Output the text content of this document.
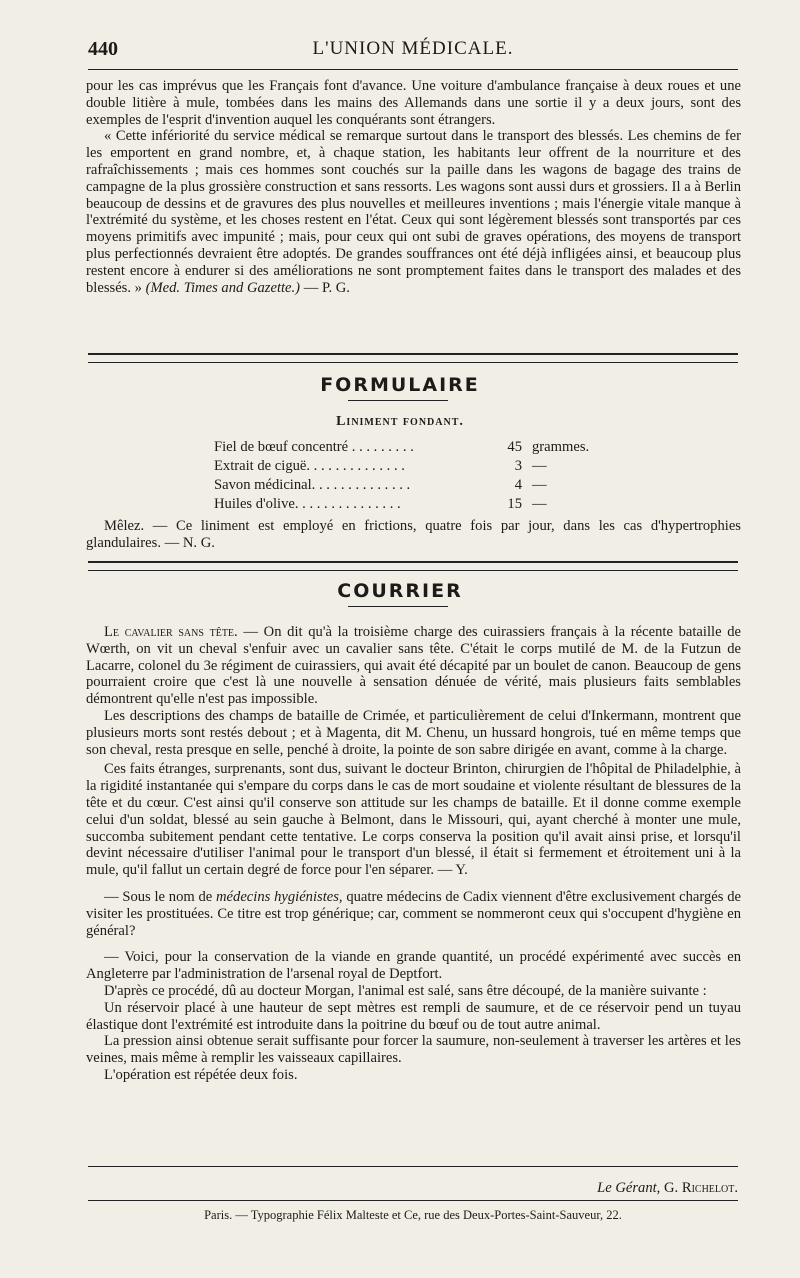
440	L'UNION MÉDICALE.

pour les cas imprévus que les Français font d'avance. Une voiture d'ambulance française à deux roues et une double litière à mule, tombées dans les mains des Allemands dans une sortie il y a deux jours, sont des exemples de l'esprit d'invention auquel les conquérants sont étrangers.

« Cette infériorité du service médical se remarque surtout dans le transport des blessés. Les chemins de fer les emportent en grand nombre, et, à chaque station, les habitants leur offrent de la nourriture et des rafraîchissements ; mais ces hommes sont couchés sur la paille dans les wagons de bagage des trains de campagne de la plus grossière construction et sans ressorts. Les wagons sont aussi durs et grossiers. Il a à Berlin beaucoup de dessins et de gravures des plus nouvelles et meilleures inventions ; mais l'énergie vitale manque à l'extrémité du système, et les choses restent en l'état. Ceux qui sont légèrement blessés sont transportés par ces moyens primitifs avec impunité ; mais, pour ceux qui ont subi de graves opérations, des moyens de transport plus perfectionnés devraient être adoptés. De grandes souffrances ont été déjà infligées ainsi, et beaucoup plus restent encore à endurer si des améliorations ne sont promptement faites dans le transport des malades et des blessés. » (Med. Times and Gazette.) — P. G.

FORMULAIRE
Liniment fondant.
Fiel de bœuf concentré . . . . . . . . .	45	grammes.
Extrait de ciguë. . . . . . . . . . . . . .	3	—
Savon médicinal. . . . . . . . . . . . . .	4	—
Huiles d'olive. . . . . . . . . . . . . . .	15	—

Mêlez. — Ce liniment est employé en frictions, quatre fois par jour, dans les cas d'hypertrophies glandulaires. — N. G.

COURRIER

Le cavalier sans tête. — On dit qu'à la troisième charge des cuirassiers français à la récente bataille de Wœrth, on vit un cheval s'enfuir avec un cavalier sans tête. C'était le corps mutilé de M. de la Futzun de Lacarre, colonel du 3e régiment de cuirassiers, qui avait été décapité par un boulet de canon. Beaucoup de gens pourraient croire que c'est là une nouvelle à sensation dénuée de vérité, mais plusieurs faits semblables démontrent qu'elle n'est pas impossible.

Les descriptions des champs de bataille de Crimée, et particulièrement de celui d'Inkermann, montrent que plusieurs morts sont restés debout ; et à Magenta, dit M. Chenu, un hussard hongrois, tué en même temps que son cheval, resta presque en selle, penché à droite, la pointe de son sabre dirigée en avant, comme à la charge.

Ces faits étranges, surprenants, sont dus, suivant le docteur Brinton, chirurgien de l'hôpital de Philadelphie, à la rigidité instantanée qui s'empare du corps dans le cas de mort soudaine et violente résultant de blessures de la tête et du cœur. C'est ainsi qu'il conserve son attitude sur les champs de bataille. Et il donne comme exemple celui d'un soldat, blessé au sein gauche à Belmont, dans le Missouri, qui, ayant cherché à monter une mule, succomba subitement pendant cette tentative. Le corps conserva la position qu'il avait ainsi prise, et lorsqu'il devint nécessaire d'utiliser l'animal pour le transport d'un blessé, il était si fermement et étroitement uni à la mule, qu'il fallut un certain degré de force pour l'en séparer. — Y.

— Sous le nom de médecins hygiénistes, quatre médecins de Cadix viennent d'être exclusivement chargés de visiter les prostituées. Ce titre est trop générique; car, comment se nommeront ceux qui s'occupent d'hygiène en général?

— Voici, pour la conservation de la viande en grande quantité, un procédé expérimenté avec succès en Angleterre par l'administration de l'arsenal royal de Deptfort.

D'après ce procédé, dû au docteur Morgan, l'animal est salé, sans être découpé, de la manière suivante :

Un réservoir placé à une hauteur de sept mètres est rempli de saumure, et de ce réservoir pend un tuyau élastique dont l'extrémité est introduite dans la poitrine du bœuf ou de tout autre animal.

La pression ainsi obtenue serait suffisante pour forcer la saumure, non-seulement à traverser les artères et les veines, mais même à remplir les vaisseaux capillaires.

L'opération est répétée deux fois.

Le Gérant, G. Richelot.
Paris. — Typographie Félix Malteste et Ce, rue des Deux-Portes-Saint-Sauveur, 22.
